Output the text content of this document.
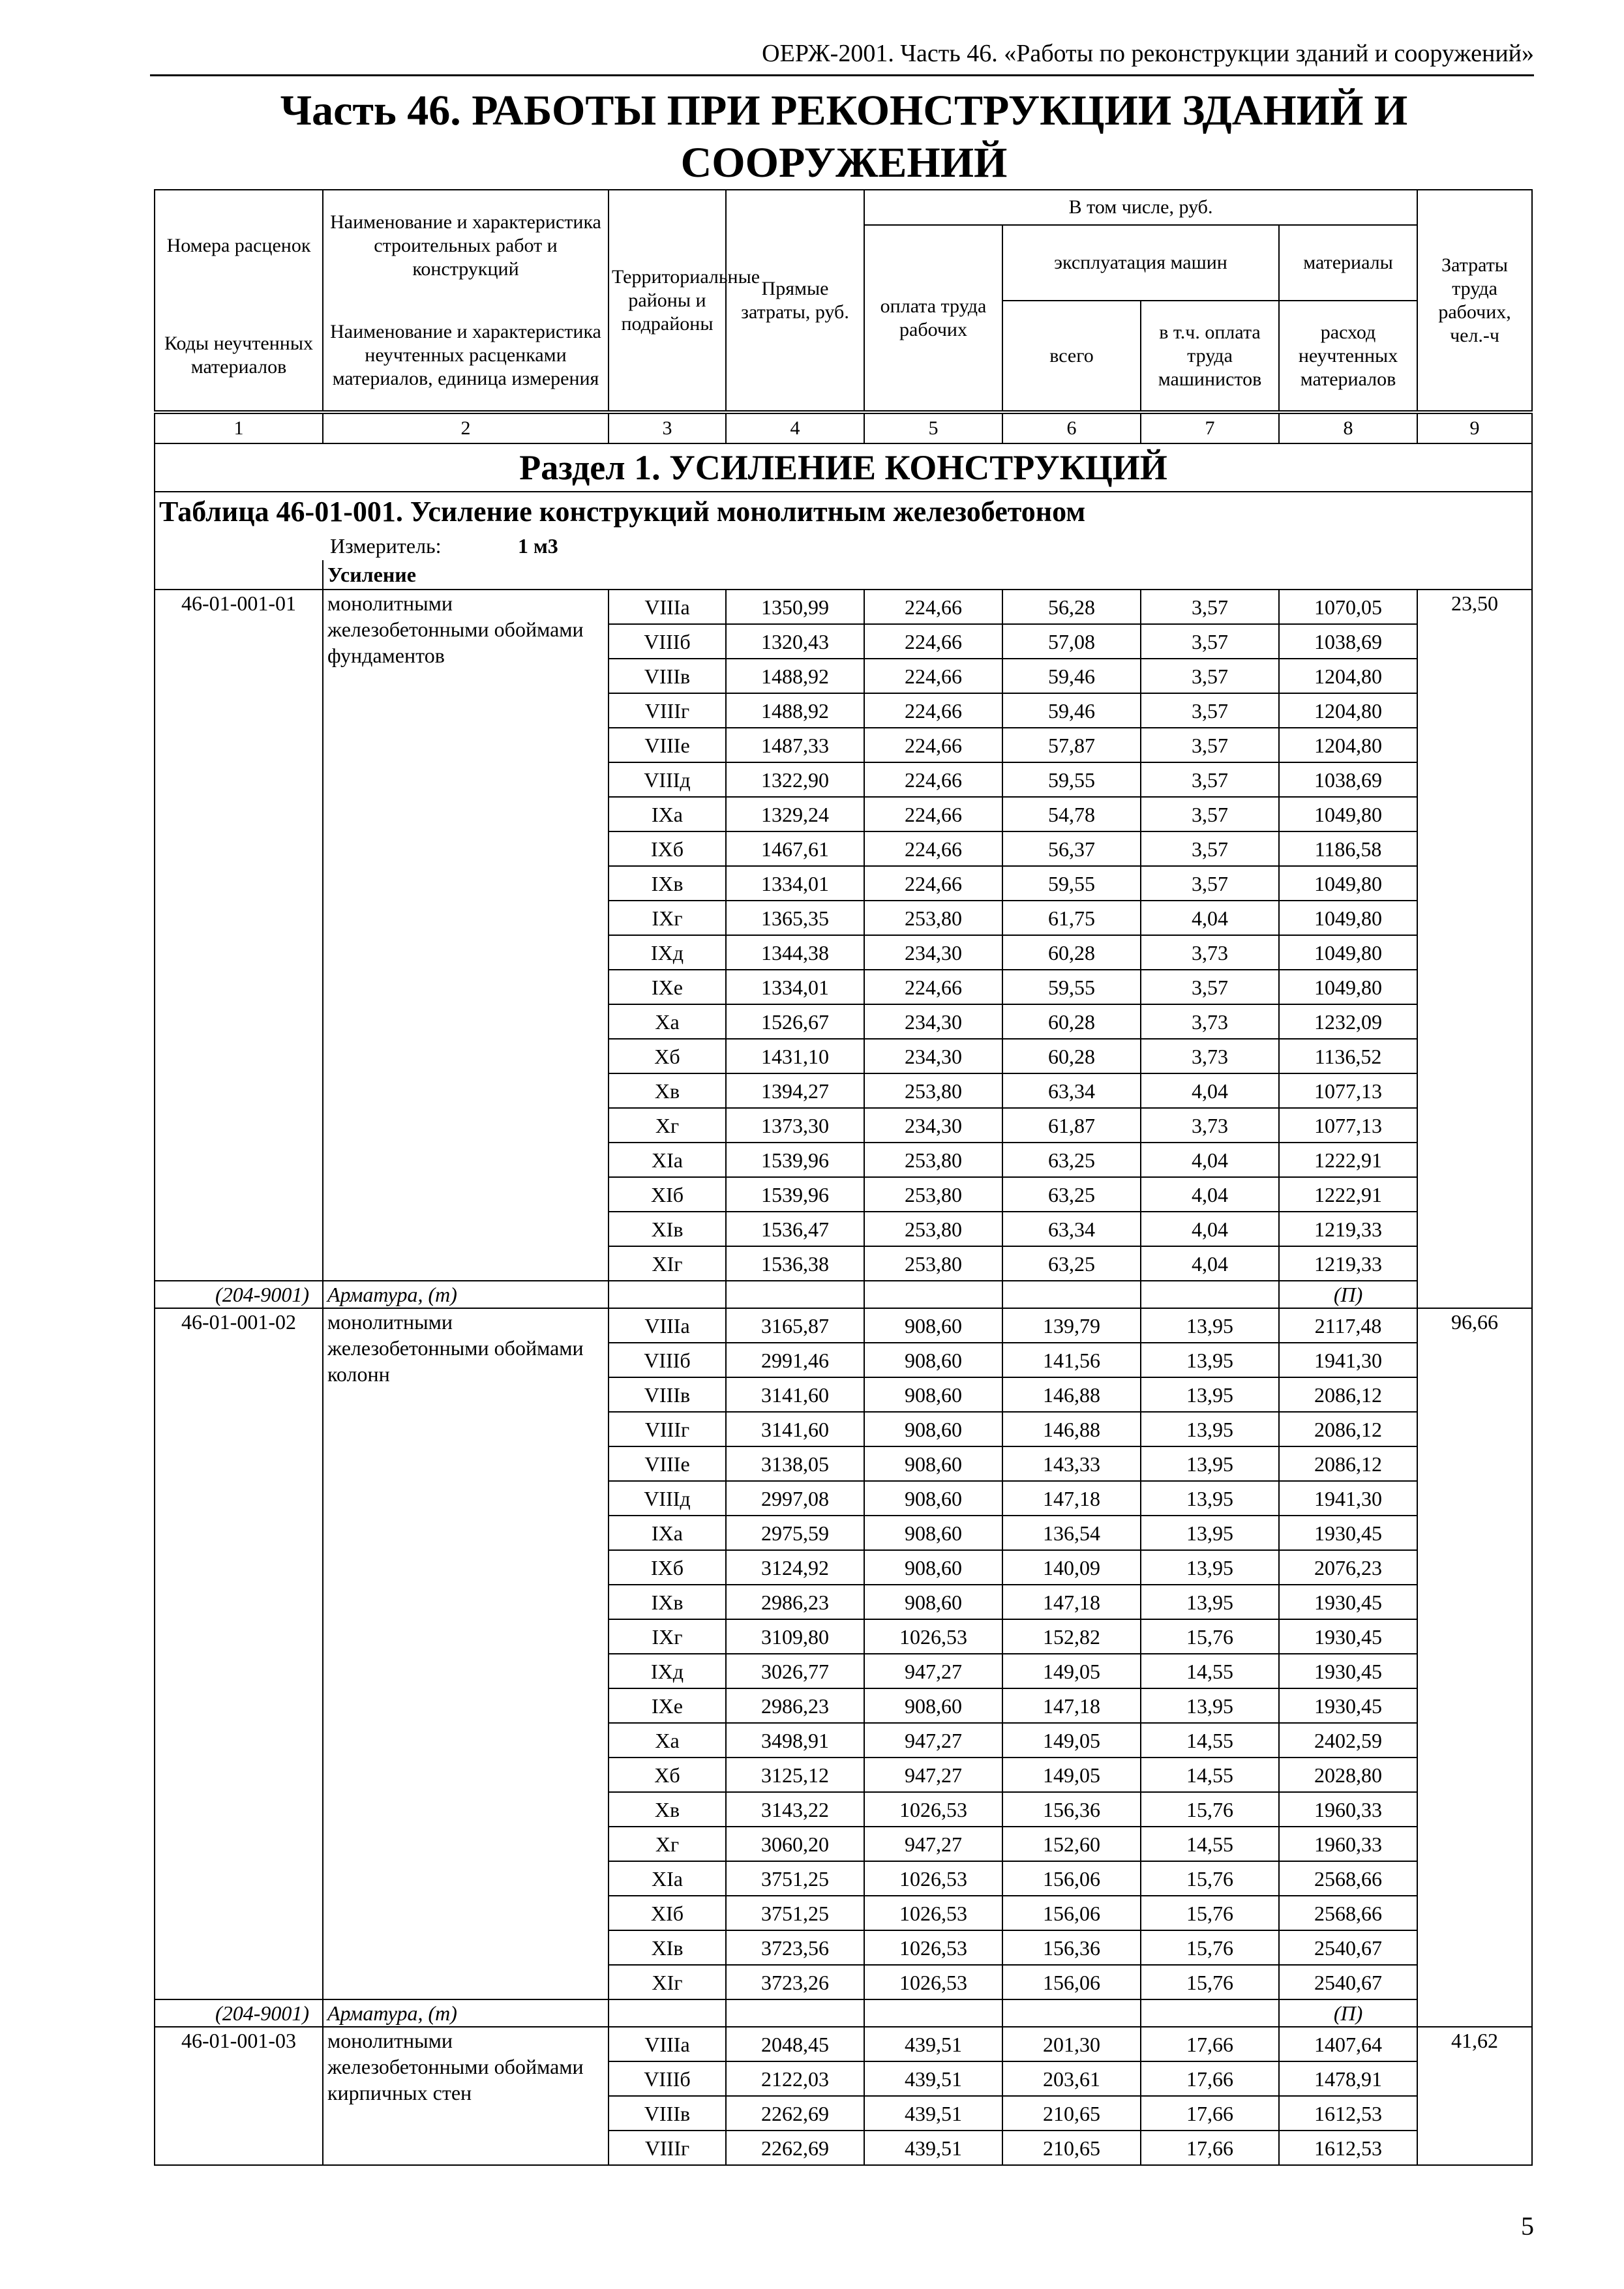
ОЕРЖ-2001. Часть 46. «Работы по реконструкции зданий и сооружений»
Часть 46. РАБОТЫ ПРИ РЕКОНСТРУКЦИИ ЗДАНИЙ И
СООРУЖЕНИЙ
Номера расценок	Наименование и характеристика строительных работ и конструкций	Территориальные районы и подрайоны	Прямые затраты, руб.	В том числе, руб.				Затраты труда рабочих, чел.-ч
				оплата труда рабочих	эксплуатация машин		материалы	
Коды неучтенных материалов	Наименование и характеристика неучтенных расценками материалов, единица измерения				всего	в т.ч. оплата труда машинистов	расход неучтенных материалов	

1	2	3	4	5	6	7	8	9
Раздел 1. УСИЛЕНИЕ КОНСТРУКЦИЙ								
Таблица 46-01-001. Усиление конструкций монолитным железобетоном								
Измеритель: 1 м3								
	Усиление							
46-01-001-01	монолитными железобетонными обоймами фундаментов	VIIIа	1350,99	224,66	56,28	3,57	1070,05	23,50
		VIIIб	1320,43	224,66	57,08	3,57	1038,69	
		VIIIв	1488,92	224,66	59,46	3,57	1204,80	
		VIIIг	1488,92	224,66	59,46	3,57	1204,80	
		VIIIе	1487,33	224,66	57,87	3,57	1204,80	
		VIIIд	1322,90	224,66	59,55	3,57	1038,69	
		IXа	1329,24	224,66	54,78	3,57	1049,80	
		IXб	1467,61	224,66	56,37	3,57	1186,58	
		IXв	1334,01	224,66	59,55	3,57	1049,80	
		IXг	1365,35	253,80	61,75	4,04	1049,80	
		IXд	1344,38	234,30	60,28	3,73	1049,80	
		IXе	1334,01	224,66	59,55	3,57	1049,80	
		Xа	1526,67	234,30	60,28	3,73	1232,09	
		Xб	1431,10	234,30	60,28	3,73	1136,52	
		Xв	1394,27	253,80	63,34	4,04	1077,13	
		Xг	1373,30	234,30	61,87	3,73	1077,13	
		XIа	1539,96	253,80	63,25	4,04	1222,91	
		XIб	1539,96	253,80	63,25	4,04	1222,91	
		XIв	1536,47	253,80	63,34	4,04	1219,33	
		XIг	1536,38	253,80	63,25	4,04	1219,33	
(204-9001)	Арматура, (т)						(П)	
46-01-001-02	монолитными железобетонными обоймами колонн	VIIIа	3165,87	908,60	139,79	13,95	2117,48	96,66
		VIIIб	2991,46	908,60	141,56	13,95	1941,30	
		VIIIв	3141,60	908,60	146,88	13,95	2086,12	
		VIIIг	3141,60	908,60	146,88	13,95	2086,12	
		VIIIе	3138,05	908,60	143,33	13,95	2086,12	
		VIIIд	2997,08	908,60	147,18	13,95	1941,30	
		IXа	2975,59	908,60	136,54	13,95	1930,45	
		IXб	3124,92	908,60	140,09	13,95	2076,23	
		IXв	2986,23	908,60	147,18	13,95	1930,45	
		IXг	3109,80	1026,53	152,82	15,76	1930,45	
		IXд	3026,77	947,27	149,05	14,55	1930,45	
		IXе	2986,23	908,60	147,18	13,95	1930,45	
		Xа	3498,91	947,27	149,05	14,55	2402,59	
		Xб	3125,12	947,27	149,05	14,55	2028,80	
		Xв	3143,22	1026,53	156,36	15,76	1960,33	
		Xг	3060,20	947,27	152,60	14,55	1960,33	
		XIа	3751,25	1026,53	156,06	15,76	2568,66	
		XIб	3751,25	1026,53	156,06	15,76	2568,66	
		XIв	3723,56	1026,53	156,36	15,76	2540,67	
		XIг	3723,26	1026,53	156,06	15,76	2540,67	
(204-9001)	Арматура, (т)						(П)	
46-01-001-03	монолитными железобетонными обоймами кирпичных стен	VIIIа	2048,45	439,51	201,30	17,66	1407,64	41,62
		VIIIб	2122,03	439,51	203,61	17,66	1478,91	
		VIIIв	2262,69	439,51	210,65	17,66	1612,53	
		VIIIг	2262,69	439,51	210,65	17,66	1612,53	
5
